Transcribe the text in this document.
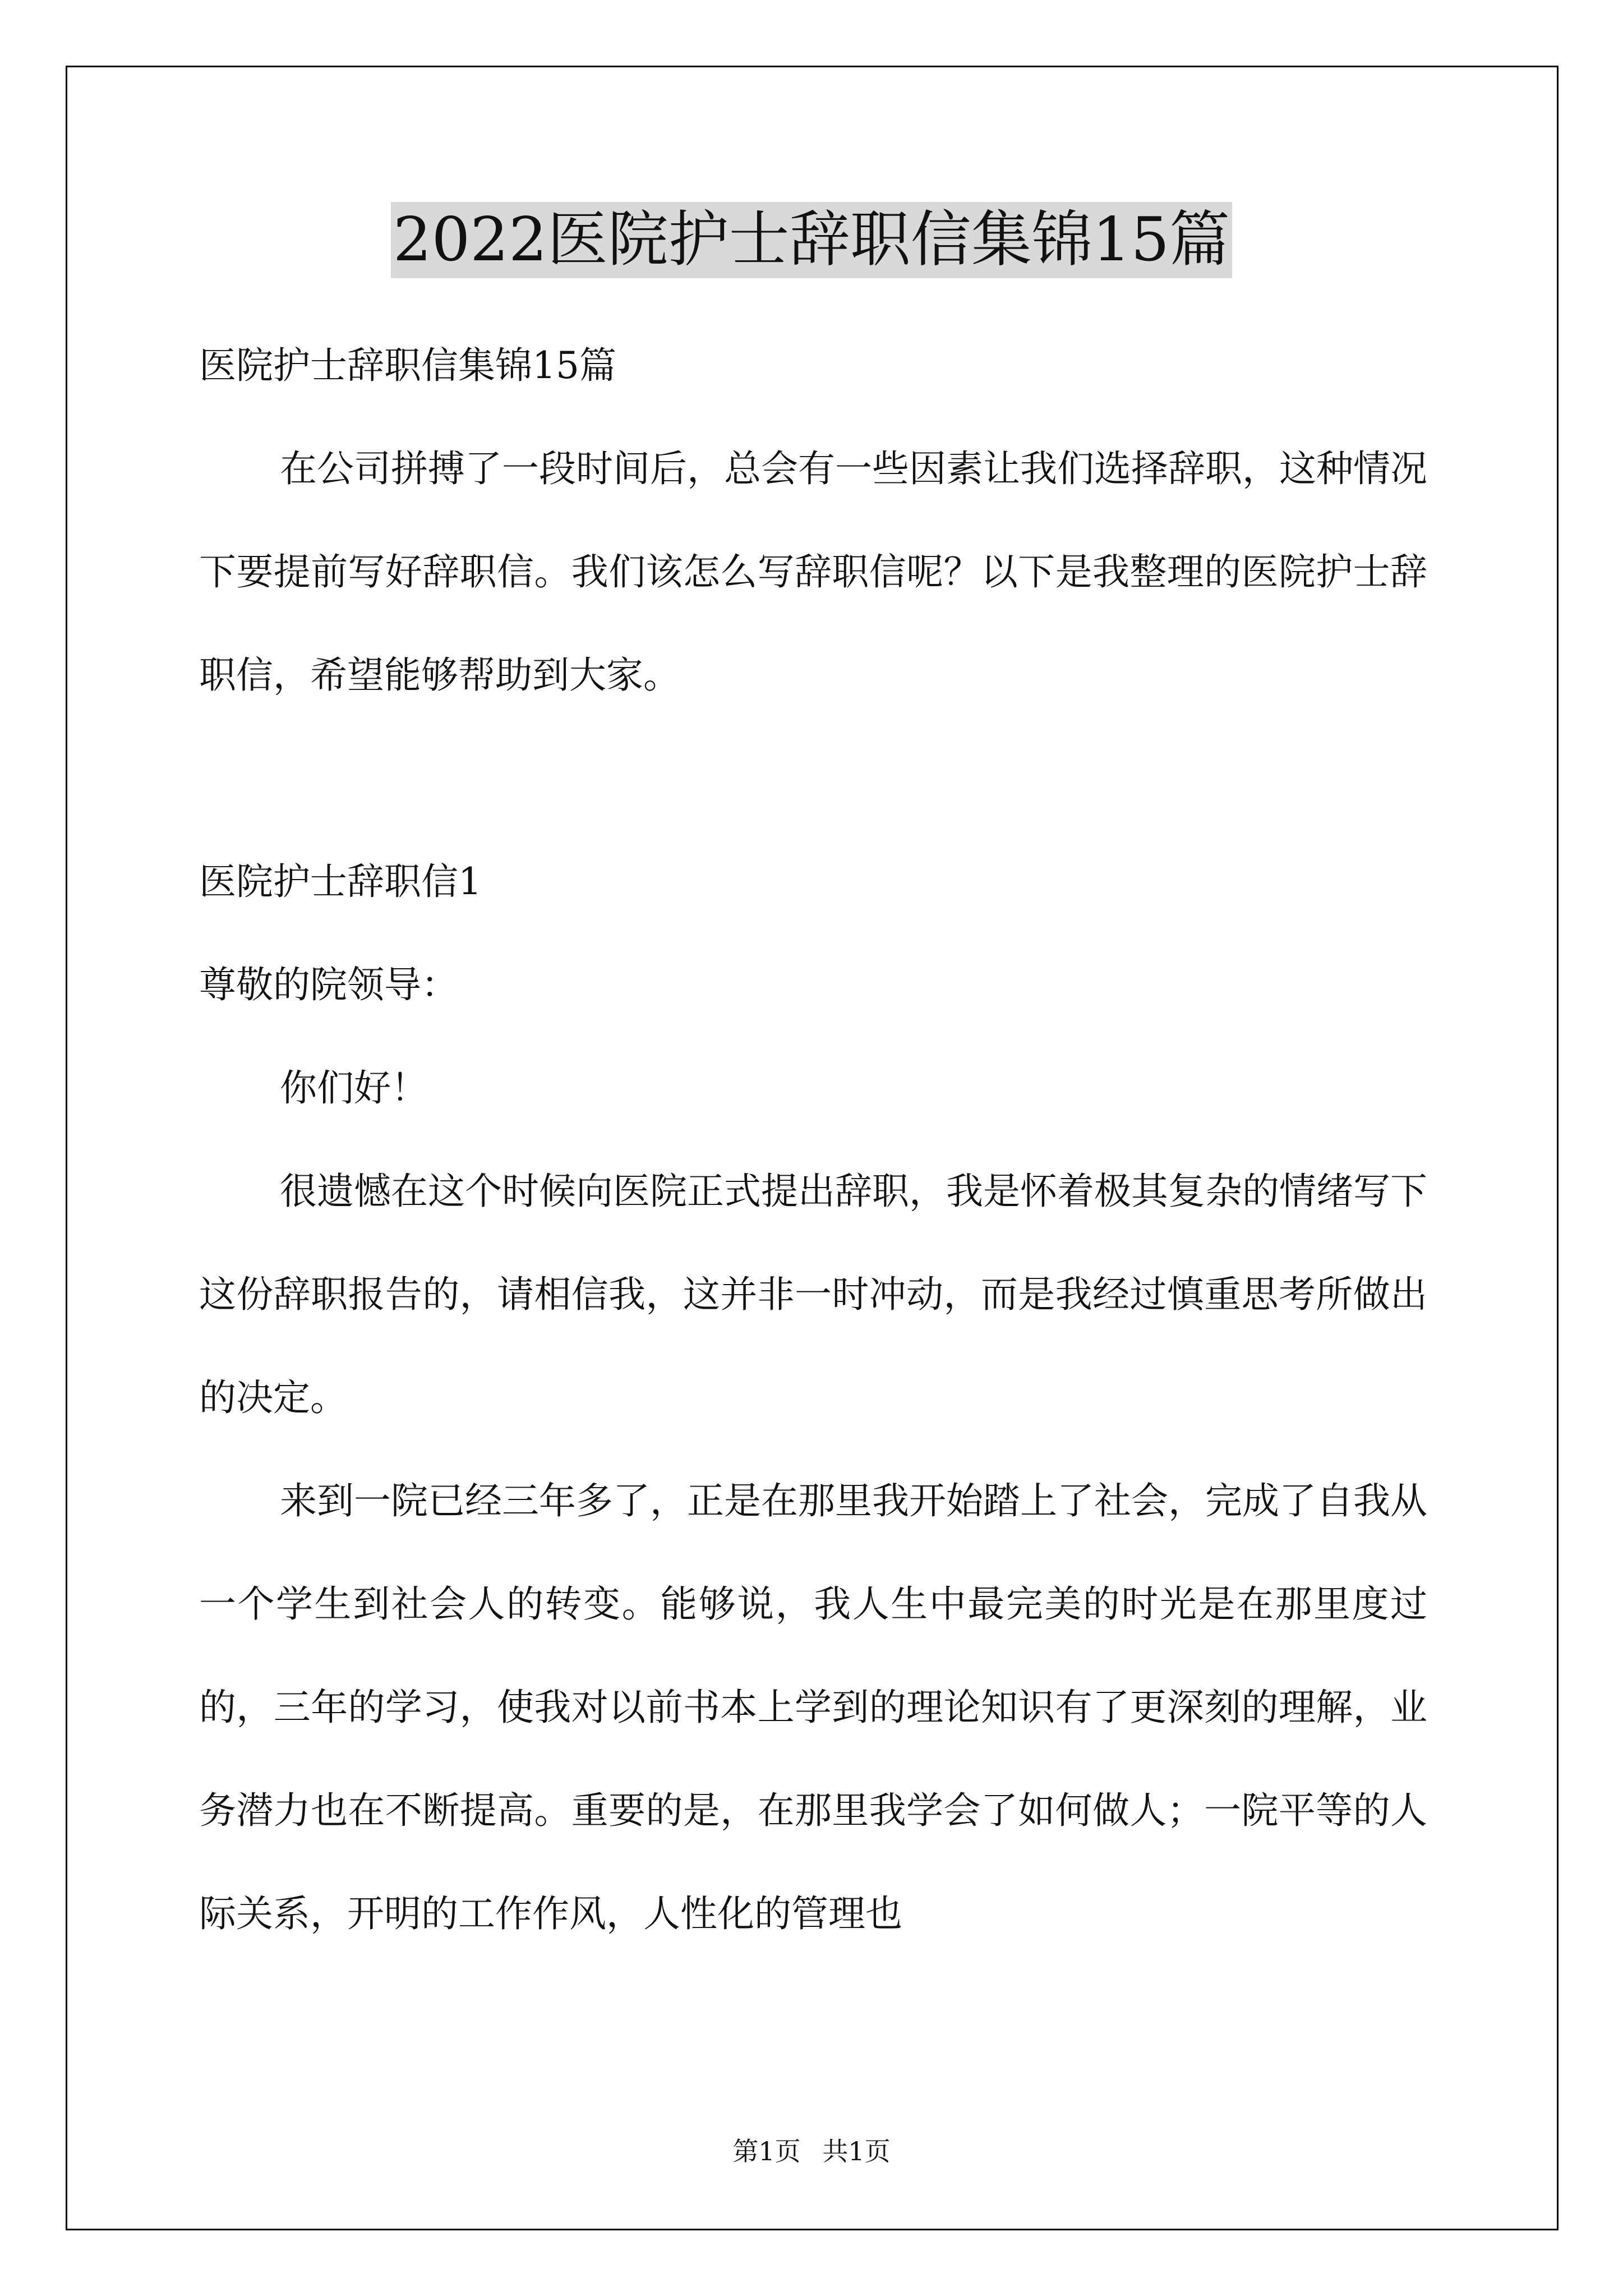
2022医院护士辞职信集锦15篇

医院护士辞职信集锦15篇

在公司拼搏了一段时间后，总会有一些因素让我们选择辞职，这种情况下要提前写好辞职信。我们该怎么写辞职信呢？以下是我整理的医院护士辞职信，希望能够帮助到大家。

医院护士辞职信1

尊敬的院领导：

你们好！

很遗憾在这个时候向医院正式提出辞职，我是怀着极其复杂的情绪写下这份辞职报告的，请相信我，这并非一时冲动，而是我经过慎重思考所做出的决定。

来到一院已经三年多了，正是在那里我开始踏上了社会，完成了自我从一个学生到社会人的转变。能够说，我人生中最完美的时光是在那里度过的，三年的学习，使我对以前书本上学到的理论知识有了更深刻的理解，业务潜力也在不断提高。重要的是，在那里我学会了如何做人；一院平等的人际关系，开明的工作作风，人性化的管理也

第1页 共1页
